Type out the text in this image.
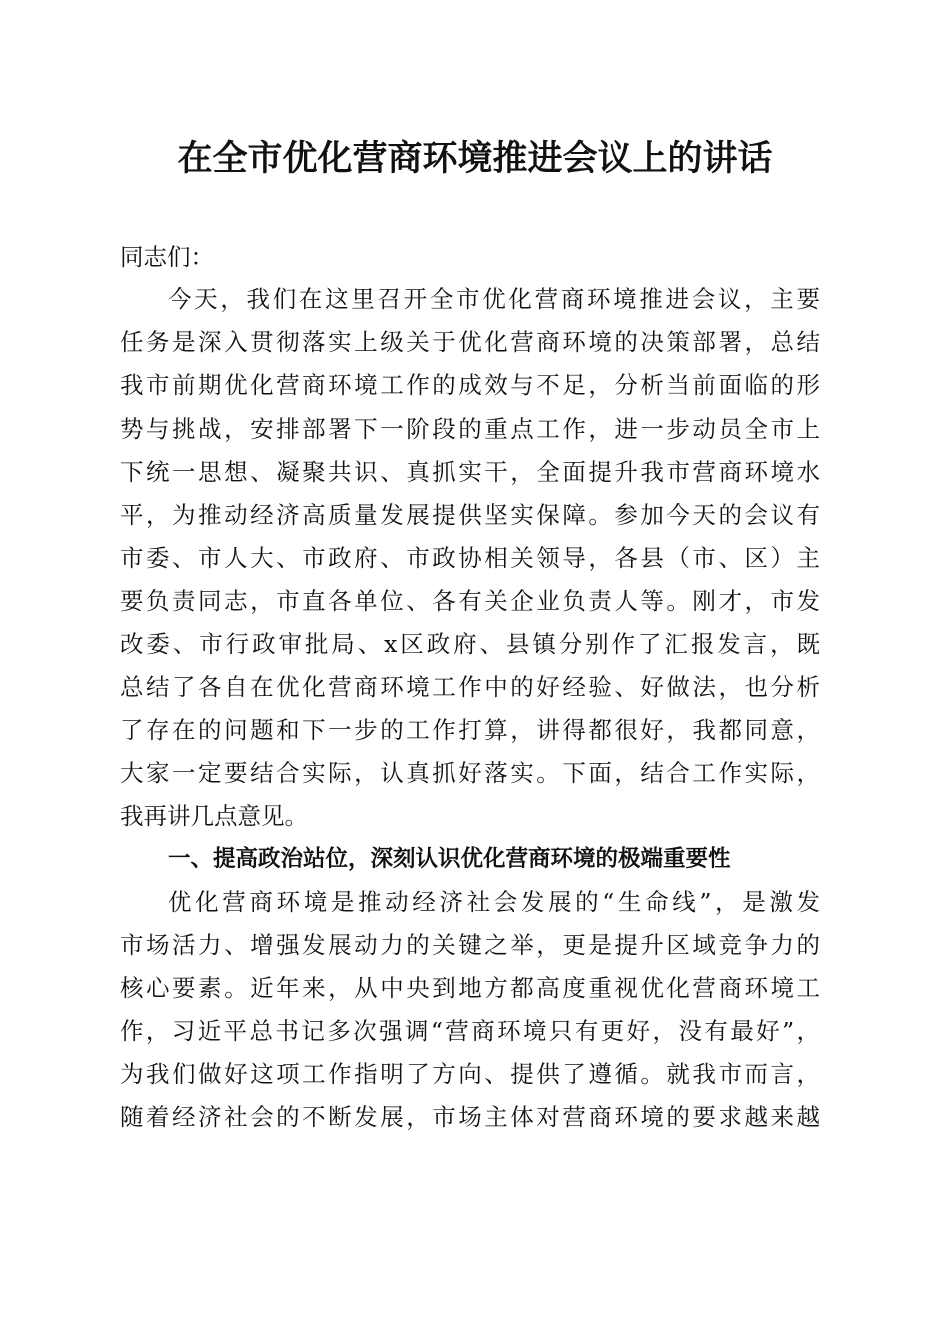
在全市优化营商环境推进会议上的讲话

同志们：

今天，我们在这里召开全市优化营商环境推进会议，主要

任务是深入贯彻落实上级关于优化营商环境的决策部署，总结

我市前期优化营商环境工作的成效与不足，分析当前面临的形

势与挑战，安排部署下一阶段的重点工作，进一步动员全市上

下统一思想、凝聚共识、真抓实干，全面提升我市营商环境水

平，为推动经济高质量发展提供坚实保障。参加今天的会议有

市委、市人大、市政府、市政协相关领导，各县（市、区）主

要负责同志，市直各单位、各有关企业负责人等。刚才，市发

改委、市行政审批局、x区政府、县镇分别作了汇报发言，既

总结了各自在优化营商环境工作中的好经验、好做法，也分析

了存在的问题和下一步的工作打算，讲得都很好，我都同意，

大家一定要结合实际，认真抓好落实。下面，结合工作实际，

我再讲几点意见。

一、提高政治站位，深刻认识优化营商环境的极端重要性

优化营商环境是推动经济社会发展的“生命线”，是激发

市场活力、增强发展动力的关键之举，更是提升区域竞争力的

核心要素。近年来，从中央到地方都高度重视优化营商环境工

作，习近平总书记多次强调“营商环境只有更好，没有最好”，

为我们做好这项工作指明了方向、提供了遵循。就我市而言，

随着经济社会的不断发展，市场主体对营商环境的要求越来越
